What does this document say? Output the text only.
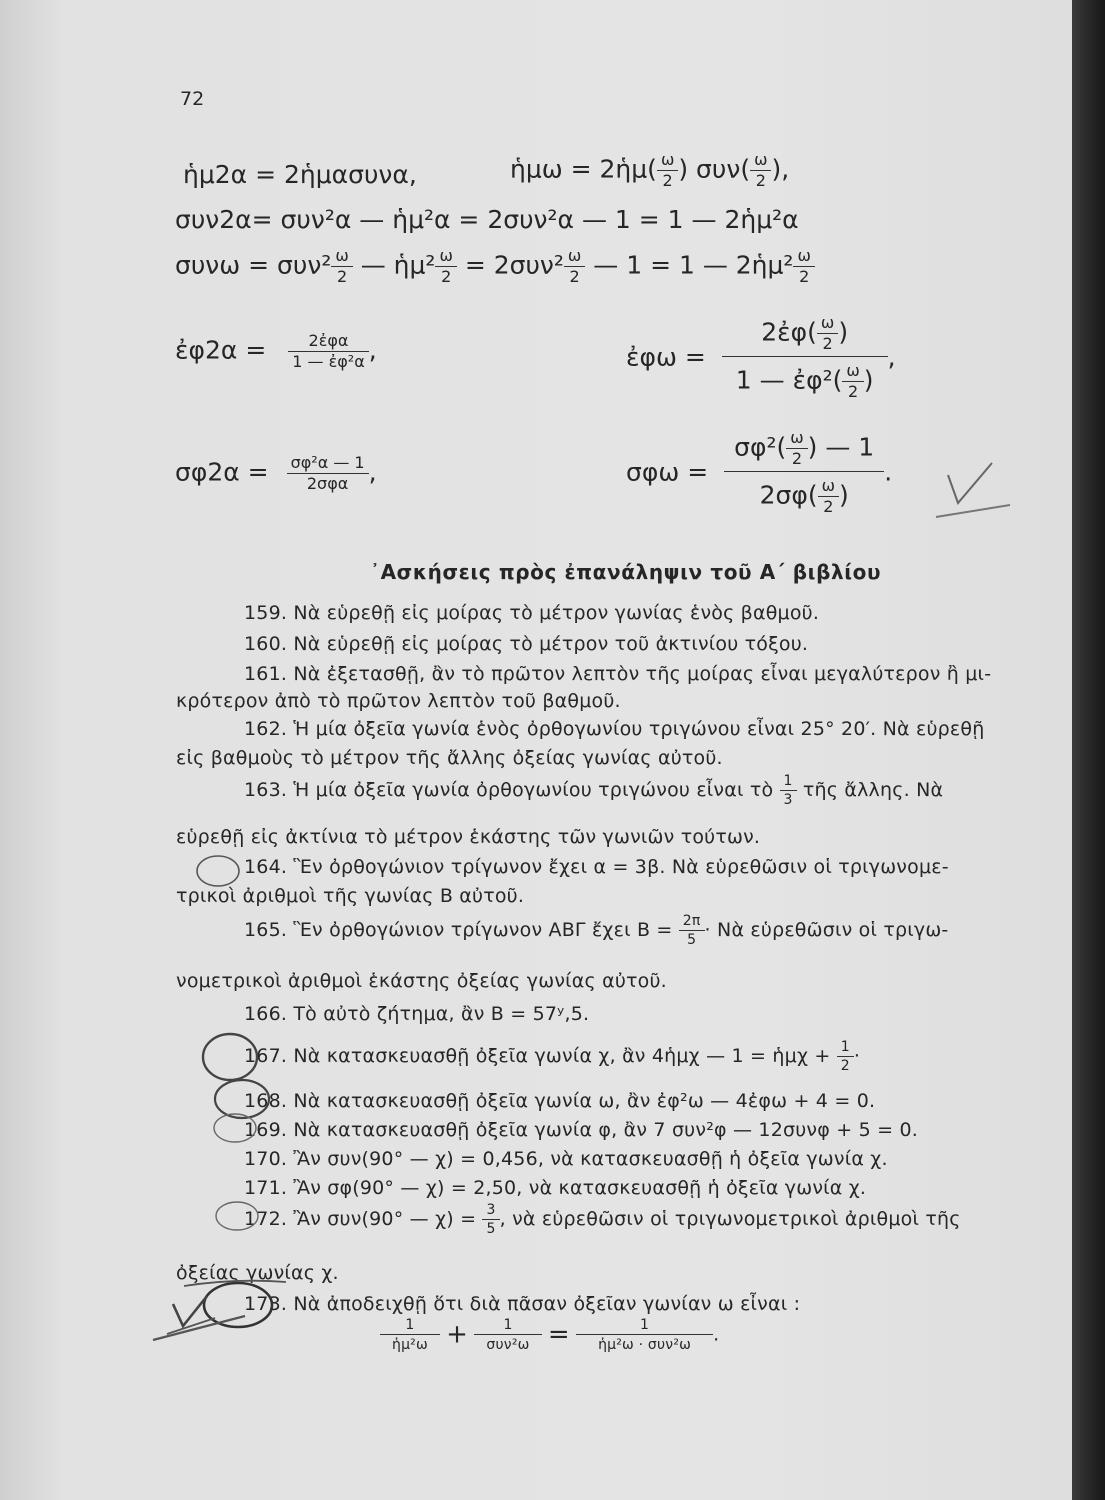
72
ἡμ2α = 2ἡμασυνα,	ἡμω = 2ἡμ( $\frac{\omega}{2}$ ) $\sigma\upsilon\nu( \frac{\omega}{2}$ ),
συν2α= συν²α — ἡμ²α = 2συν²α — 1 = 1 — 2ἡμ²α
$\sigma\upsilon\nu\omega = \sigma\upsilon\nu^2 \frac{\omega}{2}$ — ἡμ² $\frac{\omega}{2} = 2\sigma\upsilon\nu^2 \frac{\omega}{2}$ — 1 = 1 — 2ἡμ² $\frac{\omega}{2}$
ἐφ2α = $\frac{\text{2ἐφα}}{\text{1 — ἐφ²α}}$ ,	ἐφω = $\frac{2ἐ\varphi( \frac{\omega}{2} )}{1 — ἐ\varphi^2( \frac{\omega}{2} )}$ ,
$\sigma\varphi 2\alpha = \frac{\text{σφ²α — 1}}{\text{2σφα}}$ ,	$\sigma\varphi\omega = \frac{\sigma\varphi^2( \frac{\omega}{2} ) — 1}{2\sigma\varphi( \frac{\omega}{2} )}$ .
᾿Ασκήσεις πρὸς ἐπανάληψιν τοῦ Α΄ βιβλίου
159. Νὰ εὑρεθῇ εἰς μοίρας τὸ μέτρον γωνίας ἑνὸς βαθμοῦ.
160. Νὰ εὑρεθῇ εἰς μοίρας τὸ μέτρον τοῦ ἀκτινίου τόξου.
161. Νὰ ἐξετασθῇ, ἂν τὸ πρῶτον λεπτὸν τῆς μοίρας εἶναι μεγαλύτερον ἢ μι-
κρότερον ἀπὸ τὸ πρῶτον λεπτὸν τοῦ βαθμοῦ.
162. Ἡ μία ὀξεῖα γωνία ἑνὸς ὀρθογωνίου τριγώνου εἶναι 25° 20′. Νὰ εὑρεθῇ
εἰς βαθμοὺς τὸ μέτρον τῆς ἄλλης ὀξείας γωνίας αὐτοῦ.
163. Ἡ μία ὀξεῖα γωνία ὀρθογωνίου τριγώνου εἶναι τὸ $\frac{1}{3}$ τῆς ἄλλης. Νὰ
εὑρεθῇ εἰς ἀκτίνια τὸ μέτρον ἑκάστης τῶν γωνιῶν τούτων.
164. Ἓν ὀρθογώνιον τρίγωνον ἔχει α = 3β. Νὰ εὑρεθῶσιν οἱ τριγωνομε-
τρικοὶ ἀριθμοὶ τῆς γωνίας Β αὐτοῦ.
165. Ἓν ὀρθογώνιον τρίγωνον ΑΒΓ ἔχει $B = \frac{2\pi}{5}$ · Νὰ εὑρεθῶσιν οἱ τριγω-
νομετρικοὶ ἀριθμοὶ ἑκάστης ὀξείας γωνίας αὐτοῦ.
166. Τὸ αὐτὸ ζήτημα, ἂν Β = 57ʸ,5.
167. Νὰ κατασκευασθῇ ὀξεῖα γωνία χ, ἂν 4ἡμχ — 1 = ἡμχ + $\frac{1}{2}$ ·
168. Νὰ κατασκευασθῇ ὀξεῖα γωνία ω, ἂν ἐφ²ω — 4ἐφω + 4 = 0.
169. Νὰ κατασκευασθῇ ὀξεῖα γωνία φ, ἂν 7 συν²φ — 12συνφ + 5 = 0.
170. Ἂν συν(90° — χ) = 0,456, νὰ κατασκευασθῇ ἡ ὀξεῖα γωνία χ.
171. Ἂν σφ(90° — χ) = 2,50, νὰ κατασκευασθῇ ἡ ὀξεῖα γωνία χ.
172. Ἂν συν(90° — $\chi) = \frac{3}{5}$ , νὰ εὑρεθῶσιν οἱ τριγωνομετρικοὶ ἀριθμοὶ τῆς
ὀξείας γωνίας χ.
173. Νὰ ἀποδειχθῇ ὅτι διὰ πᾶσαν ὀξεῖαν γωνίαν ω εἶναι :
$\frac{1}{\text{ἡμ²ω}} + \frac{1}{\text{συν²ω}} = \frac{1}{\text{ἡμ²ω · συν²ω}}$ .
